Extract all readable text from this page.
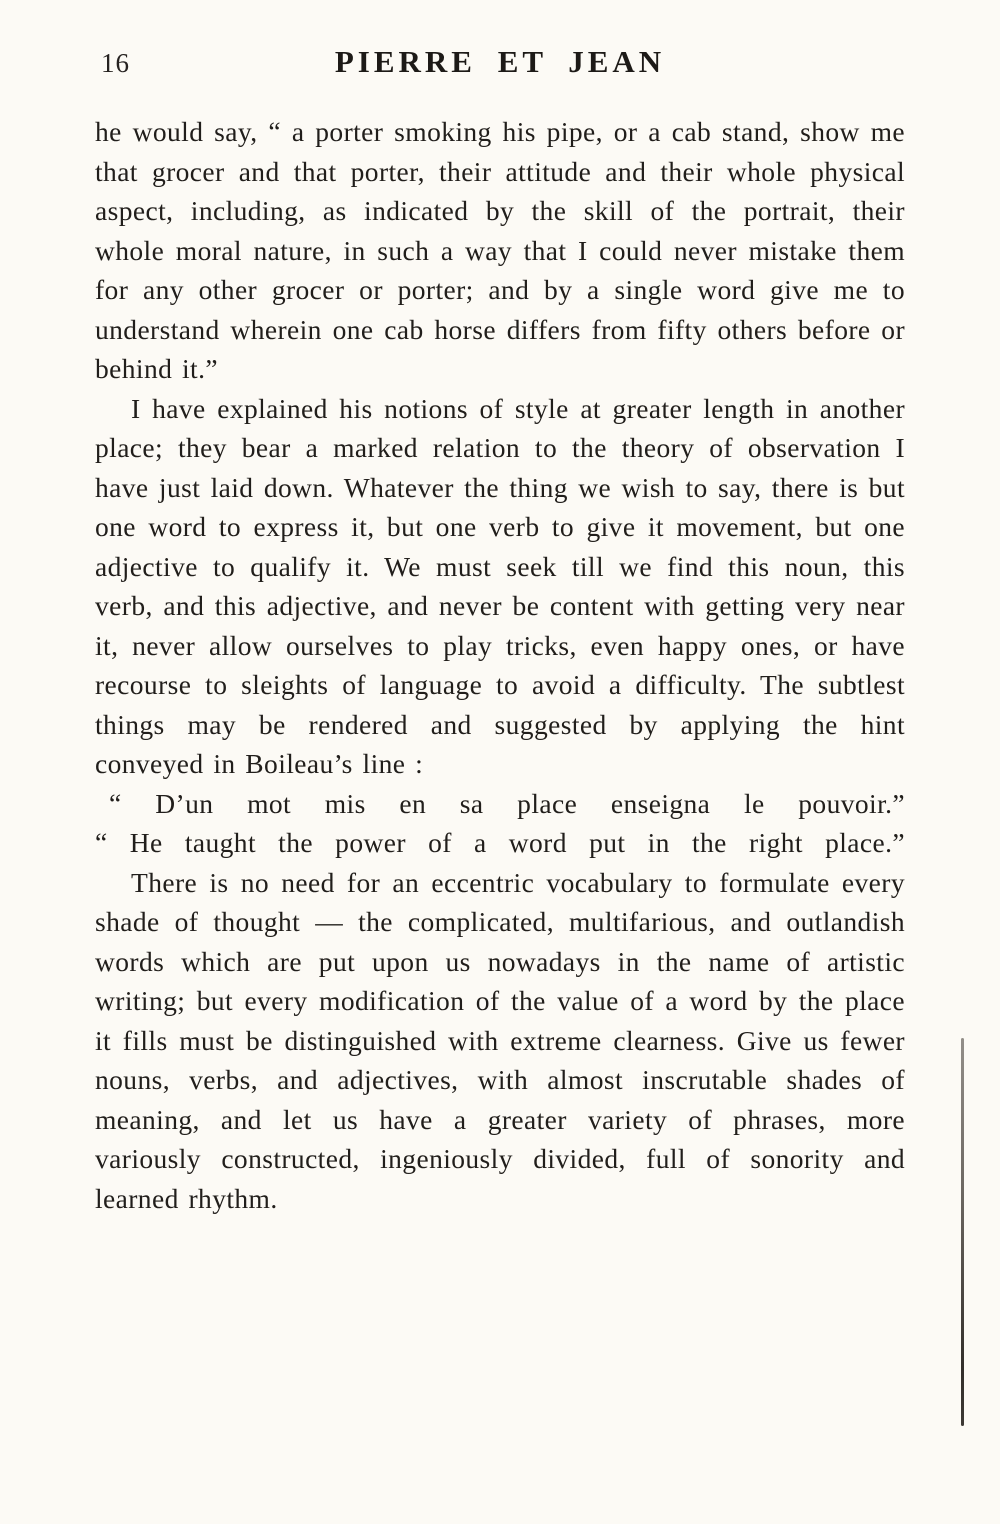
16	PIERRE ET JEAN

he would say, “ a porter smoking his pipe, or a cab stand, show me that grocer and that porter, their attitude and their whole physical aspect, including, as indicated by the skill of the portrait, their whole moral nature, in such a way that I could never mistake them for any other grocer or porter; and by a single word give me to understand wherein one cab horse differs from fifty others before or behind it.”

I have explained his notions of style at greater length in another place; they bear a marked relation to the theory of observation I have just laid down. Whatever the thing we wish to say, there is but one word to express it, but one verb to give it movement, but one adjective to qualify it. We must seek till we find this noun, this verb, and this adjective, and never be content with getting very near it, never allow ourselves to play tricks, even happy ones, or have recourse to sleights of language to avoid a difficulty. The subtlest things may be rendered and suggested by applying the hint conveyed in Boileau’s line :

“ D’un mot mis en sa place enseigna le pouvoir.”

“ He taught the power of a word put in the right place.”

There is no need for an eccentric vocabulary to formulate every shade of thought — the complicated, multifarious, and outlandish words which are put upon us nowadays in the name of artistic writing; but every modification of the value of a word by the place it fills must be distinguished with extreme clearness. Give us fewer nouns, verbs, and adjectives, with almost inscrutable shades of meaning, and let us have a greater variety of phrases, more variously constructed, ingeniously divided, full of sonority and learned rhythm.
